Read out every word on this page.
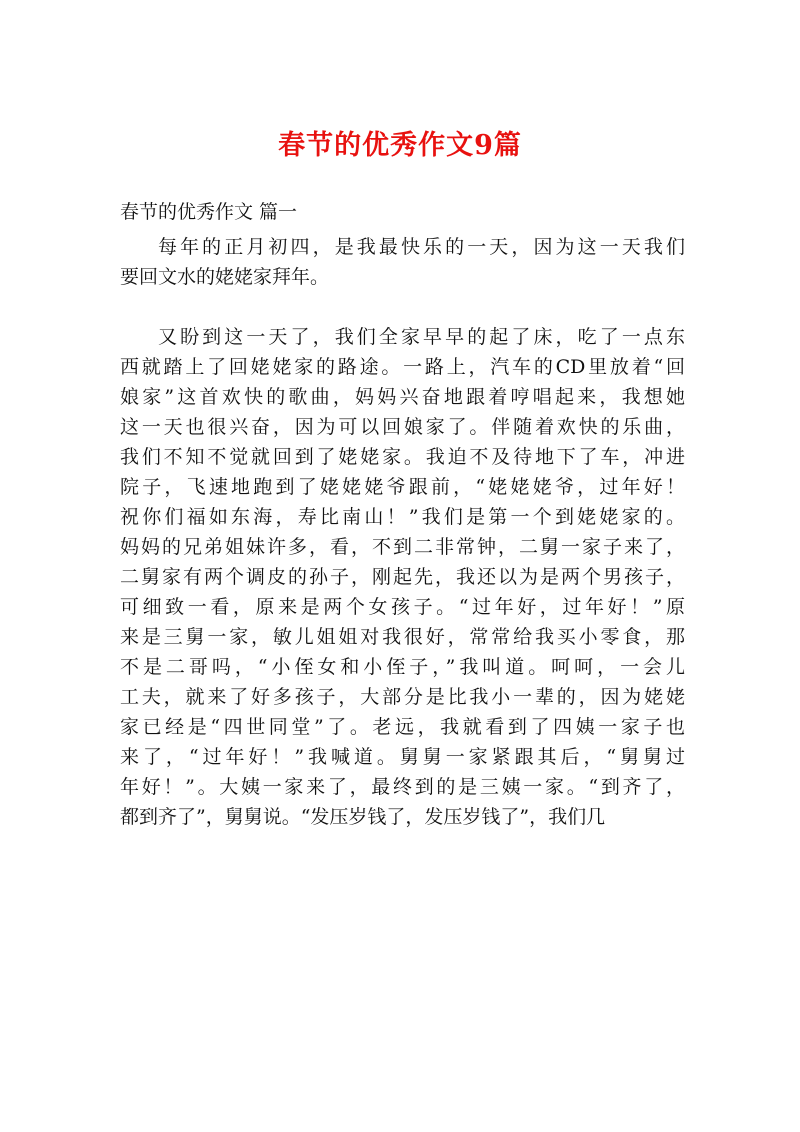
春节的优秀作文9篇
春节的优秀作文 篇一
每年的正月初四，是我最快乐的一天，因为这一天我们
要回文水的姥姥家拜年。
又盼到这一天了，我们全家早早的起了床，吃了一点东
西就踏上了回姥姥家的路途。一路上，汽车的CD里放着“回
娘家”这首欢快的歌曲，妈妈兴奋地跟着哼唱起来，我想她
这一天也很兴奋，因为可以回娘家了。伴随着欢快的乐曲，
我们不知不觉就回到了姥姥家。我迫不及待地下了车，冲进
院子，飞速地跑到了姥姥姥爷跟前，“姥姥姥爷，过年好！
祝你们福如东海，寿比南山！”我们是第一个到姥姥家的。
妈妈的兄弟姐妹许多，看，不到二非常钟，二舅一家子来了，
二舅家有两个调皮的孙子，刚起先，我还以为是两个男孩子，
可细致一看，原来是两个女孩子。“过年好，过年好！”原
来是三舅一家，敏儿姐姐对我很好，常常给我买小零食，那
不是二哥吗，“小侄女和小侄子，”我叫道。呵呵，一会儿
工夫，就来了好多孩子，大部分是比我小一辈的，因为姥姥
家已经是“四世同堂”了。老远，我就看到了四姨一家子也
来了，“过年好！”我喊道。舅舅一家紧跟其后，“舅舅过
年好！”。大姨一家来了，最终到的是三姨一家。“到齐了，
都到齐了”，舅舅说。“发压岁钱了，发压岁钱了”，我们几
